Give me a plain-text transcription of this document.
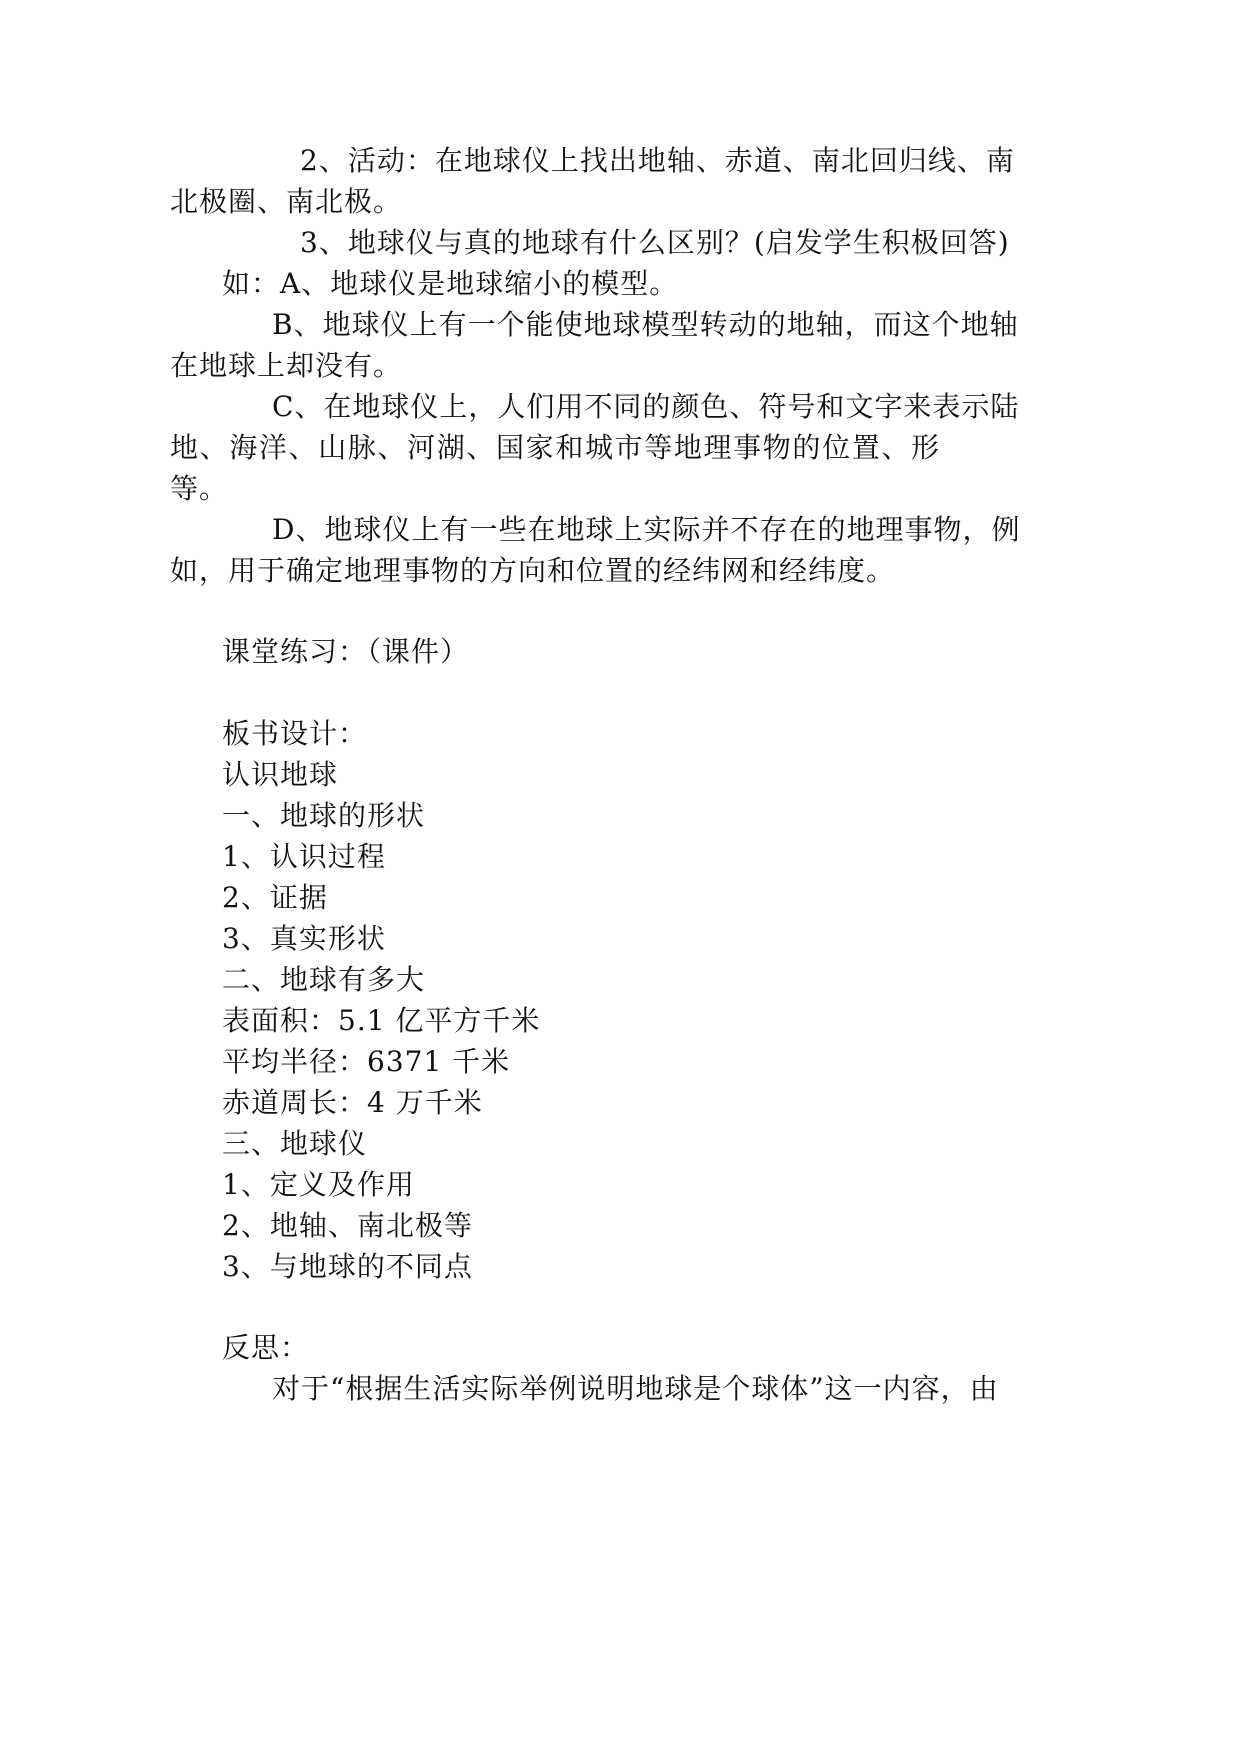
2、活动：在地球仪上找出地轴、赤道、南北回归线、南
北极圈、南北极。
3、地球仪与真的地球有什么区别？(启发学生积极回答)
如：A、地球仪是地球缩小的模型。
B、地球仪上有一个能使地球模型转动的地轴，而这个地轴
在地球上却没有。
C、在地球仪上，人们用不同的颜色、符号和文字来表示陆
地、海洋、山脉、河湖、国家和城市等地理事物的位置、形
等。
D、地球仪上有一些在地球上实际并不存在的地理事物，例
如，用于确定地理事物的方向和位置的经纬网和经纬度。
课堂练习：（课件）
板书设计：
认识地球
一、地球的形状
1、认识过程
2、证据
3、真实形状
二、地球有多大
表面积：5.1 亿平方千米
平均半径：6371 千米
赤道周长：4 万千米
三、地球仪
1、定义及作用
2、地轴、南北极等
3、与地球的不同点
反思：
对于“根据生活实际举例说明地球是个球体”这一内容，由
